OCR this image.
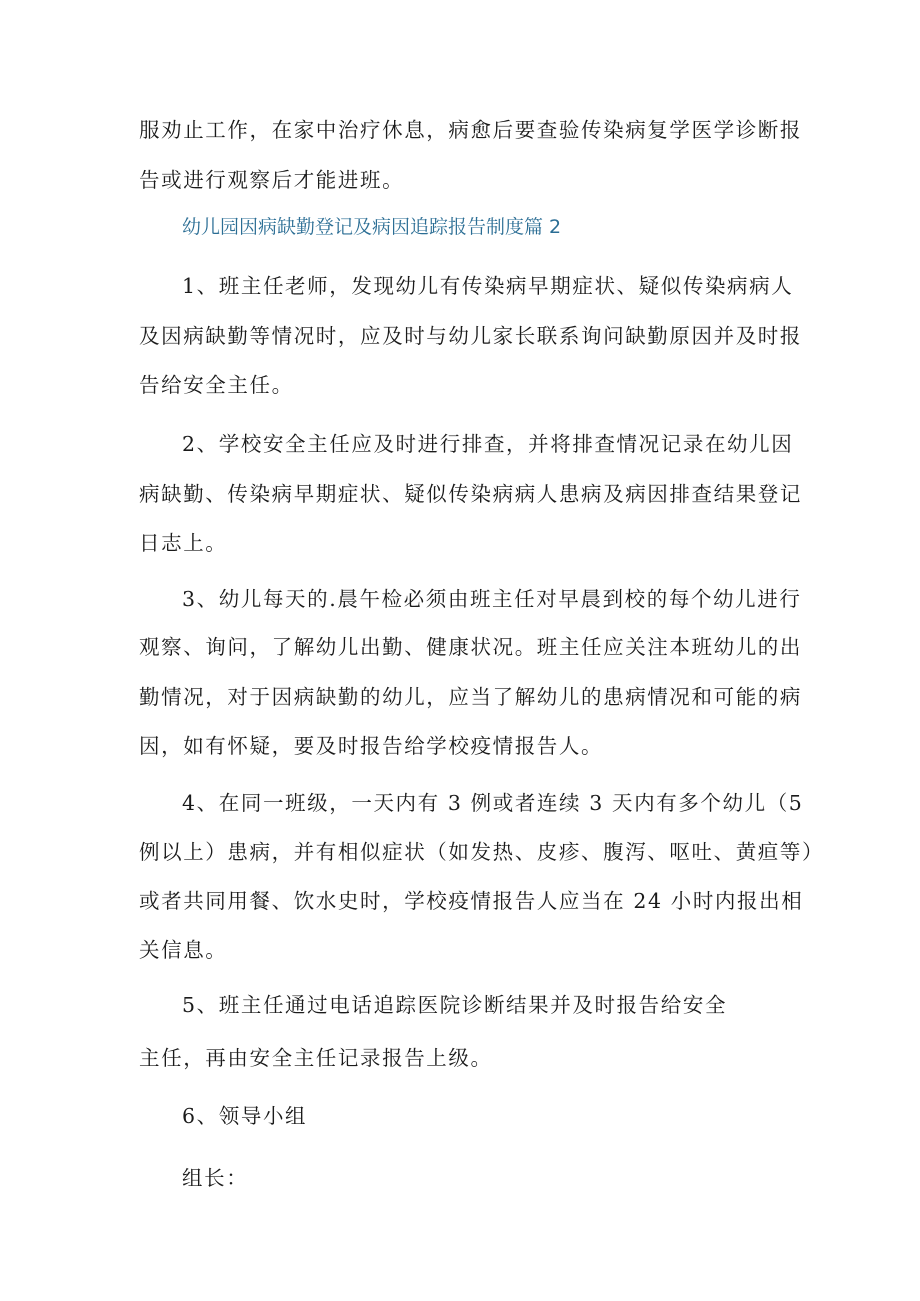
服劝止工作，在家中治疗休息，病愈后要查验传染病复学医学诊断报
告或进行观察后才能进班。
幼儿园因病缺勤登记及病因追踪报告制度篇 2
1、班主任老师，发现幼儿有传染病早期症状、疑似传染病病人
及因病缺勤等情况时，应及时与幼儿家长联系询问缺勤原因并及时报
告给安全主任。
2、学校安全主任应及时进行排查，并将排查情况记录在幼儿因
病缺勤、传染病早期症状、疑似传染病病人患病及病因排查结果登记
日志上。
3、幼儿每天的.晨午检必须由班主任对早晨到校的每个幼儿进行
观察、询问，了解幼儿出勤、健康状况。班主任应关注本班幼儿的出
勤情况，对于因病缺勤的幼儿，应当了解幼儿的患病情况和可能的病
因，如有怀疑，要及时报告给学校疫情报告人。
4、在同一班级，一天内有 3 例或者连续 3 天内有多个幼儿（5
例以上）患病，并有相似症状（如发热、皮疹、腹泻、呕吐、黄疸等）
或者共同用餐、饮水史时，学校疫情报告人应当在 24 小时内报出相
关信息。
5、班主任通过电话追踪医院诊断结果并及时报告给安全
主任，再由安全主任记录报告上级。
6、领导小组
组长：
